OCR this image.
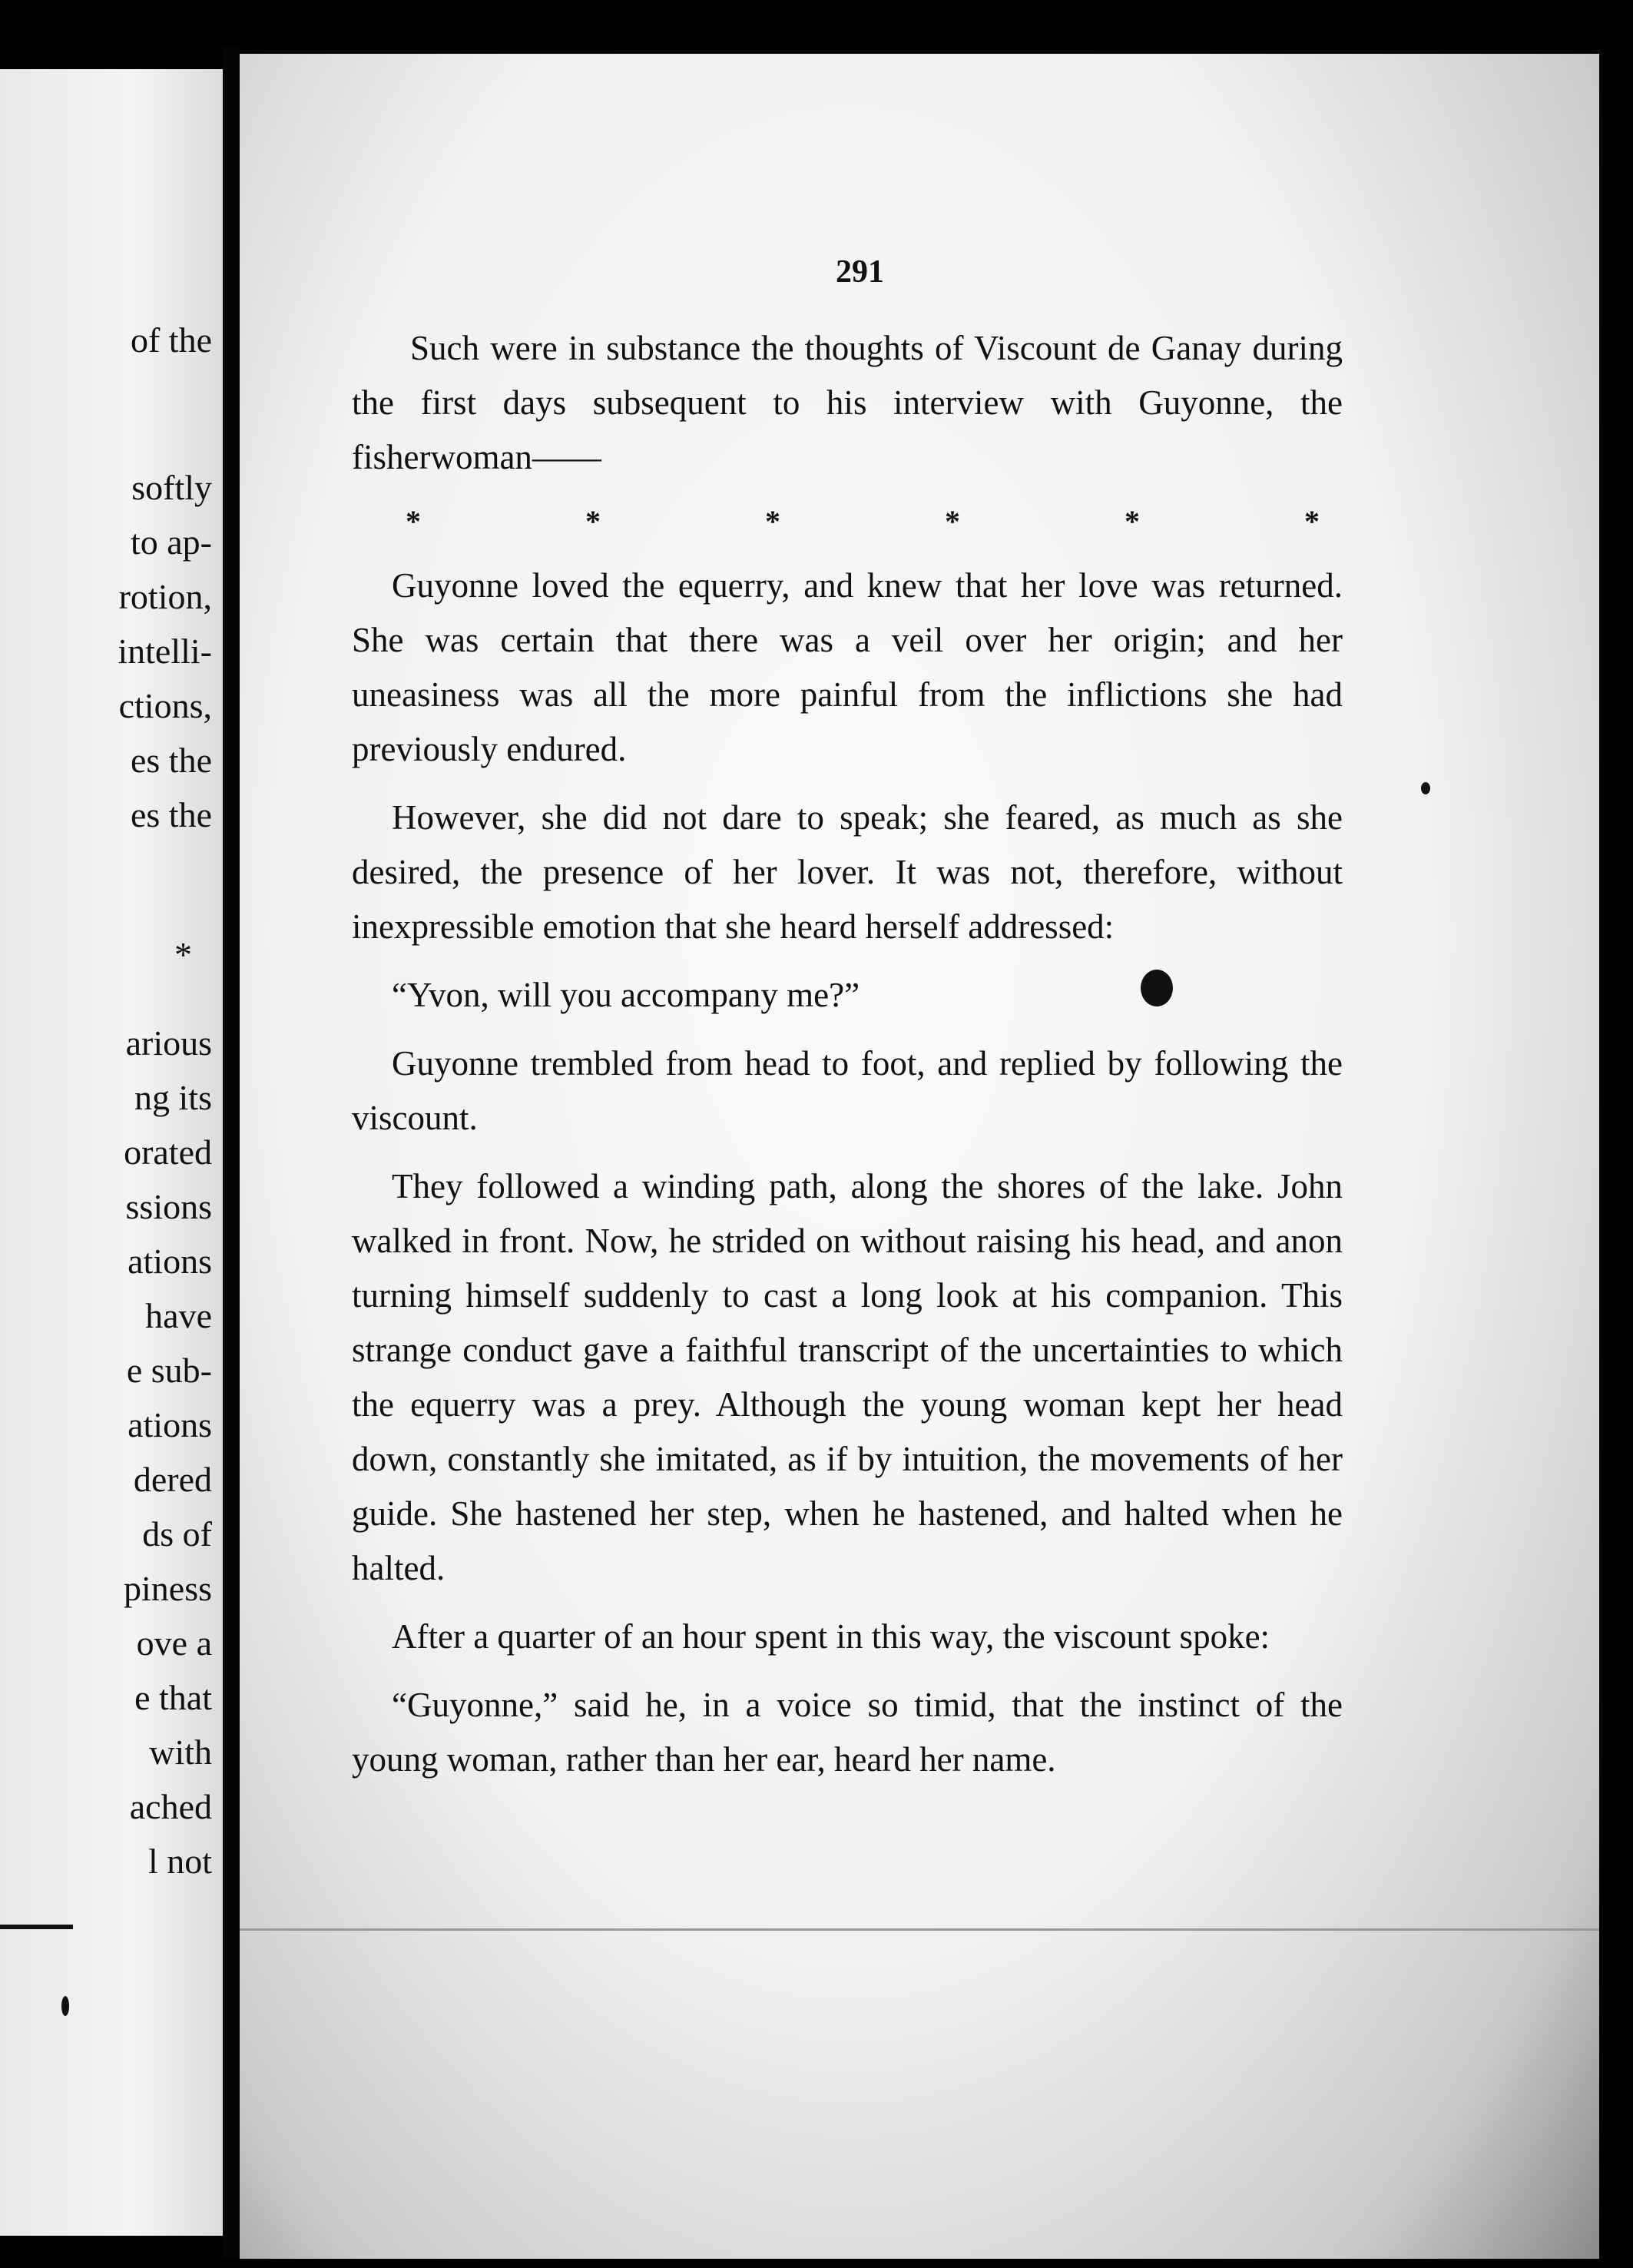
of the
softly
to ap-
rotion,
intelli-
ctions,
es the
es the
*
arious
ng its
orated
ssions
ations
have
e sub-
ations
dered
ds of
piness
ove a
e that
with
ached
l not
291

Such were in substance the thoughts of Viscount de Ganay during the first days subsequent to his interview with Guyonne, the fisherwoman——

*	*	*	*	*	*

Guyonne loved the equerry, and knew that her love was returned. She was certain that there was a veil over her origin; and her uneasiness was all the more painful from the inflictions she had previously endured.

However, she did not dare to speak; she feared, as much as she desired, the presence of her lover. It was not, therefore, without inexpressible emotion that she heard herself addressed:

“Yvon, will you accompany me?”

Guyonne trembled from head to foot, and replied by following the viscount.

They followed a winding path, along the shores of the lake. John walked in front. Now, he strided on without raising his head, and anon turning himself suddenly to cast a long look at his companion. This strange conduct gave a faithful transcript of the uncertainties to which the equerry was a prey. Although the young woman kept her head down, constantly she imitated, as if by intuition, the movements of her guide. She hastened her step, when he hastened, and halted when he halted.

After a quarter of an hour spent in this way, the viscount spoke:

“Guyonne,” said he, in a voice so timid, that the instinct of the young woman, rather than her ear, heard her name.
